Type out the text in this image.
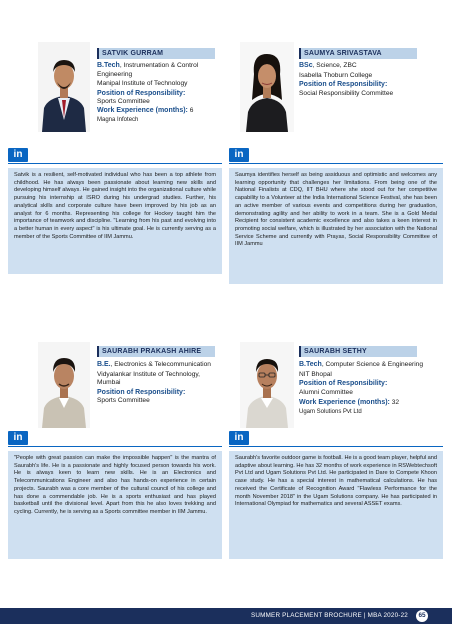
SATVIK GURRAM
B.Tech, Instrumentation & Control Engineering
Manipal Institute of Technology
Position of Responsibility:
Sports Committee
Work Experience (months): 6
Magna Infotech
in
Satvik is a resilient, self-motivated individual who has been a top athlete from childhood. He has always been passionate about learning new skills and developing himself always. He gained insight into the organizational culture while pursuing his internship at ISRO during his undergrad studies. Further, his analytical skills and corporate culture have been improved by his job as an analyst for 6 months. Representing his college for Hockey taught him the importance of teamwork and discipline. "Learning from his past and evolving into a better human in every aspect" is his ultimate goal. He is currently serving as a member of the Sports Committee of IIM Jammu.
SAUMYA SRIVASTAVA
BSc, Science, ZBC
Isabella Thoburn College
Position of Responsibility:
Social Responsibility Committee
in
Saumya identifies herself as being assiduous and optimistic and welcomes any learning opportunity that challenges her limitations. From being one of the National Finalists at CDQ, IIT BHU where she stood out for her competitive capability to a Volunteer at the India International Science Festival, she has been an active member of various events and competitions during her graduation, demonstrating agility and her ability to work in a team. She is a Gold Medal Recipient for consistent academic excellence and also takes a keen interest in promoting social welfare, which is illustrated by her association with the National Service Scheme and currently with Prayas, Social Responsibility Committee of IIM Jammu
SAURABH PRAKASH AHIRE
B.E., Electronics & Telecommunication
Vidyalankar Institute of Technology, Mumbai
Position of Responsibility:
Sports Committee
in
"People with great passion can make the impossible happen" is the mantra of Saurabh's life. He is a passionate and highly focused person towards his work. He is always keen to learn new skills. He is an Electronics and Telecommunications Engineer and also has hands-on experience in certain projects. Saurabh was a core member of the cultural council of his college and has done a commendable job. He is a sports enthusiast and has played basketball until the divisional level. Apart from this he also loves trekking and cycling. Currently, he is serving as a Sports committee member in IIM Jammu.
SAURABH SETHY
B.Tech, Computer Science & Engineering
NIT Bhopal
Position of Responsibility:
Alumni Committee
Work Experience (months): 32
Ugam Solutions Pvt Ltd
in
Saurabh's favorite outdoor game is football. He is a good team player, helpful and adaptive about learning. He has 32 months of work experience in RSWebtechsoft Pvt Ltd and Ugam Solutions Pvt Ltd. He participated in Dare to Compete Khoon case study. He has a special interest in mathematical calculations. He has received the Certificate of Recognition Award "Flawless Performance for the month November 2018" in the Ugam Solutions company. He has participated in International Olympiad for mathematics and several ASSET exams.
SUMMER PLACEMENT BROCHURE | MBA 2020-22	65
